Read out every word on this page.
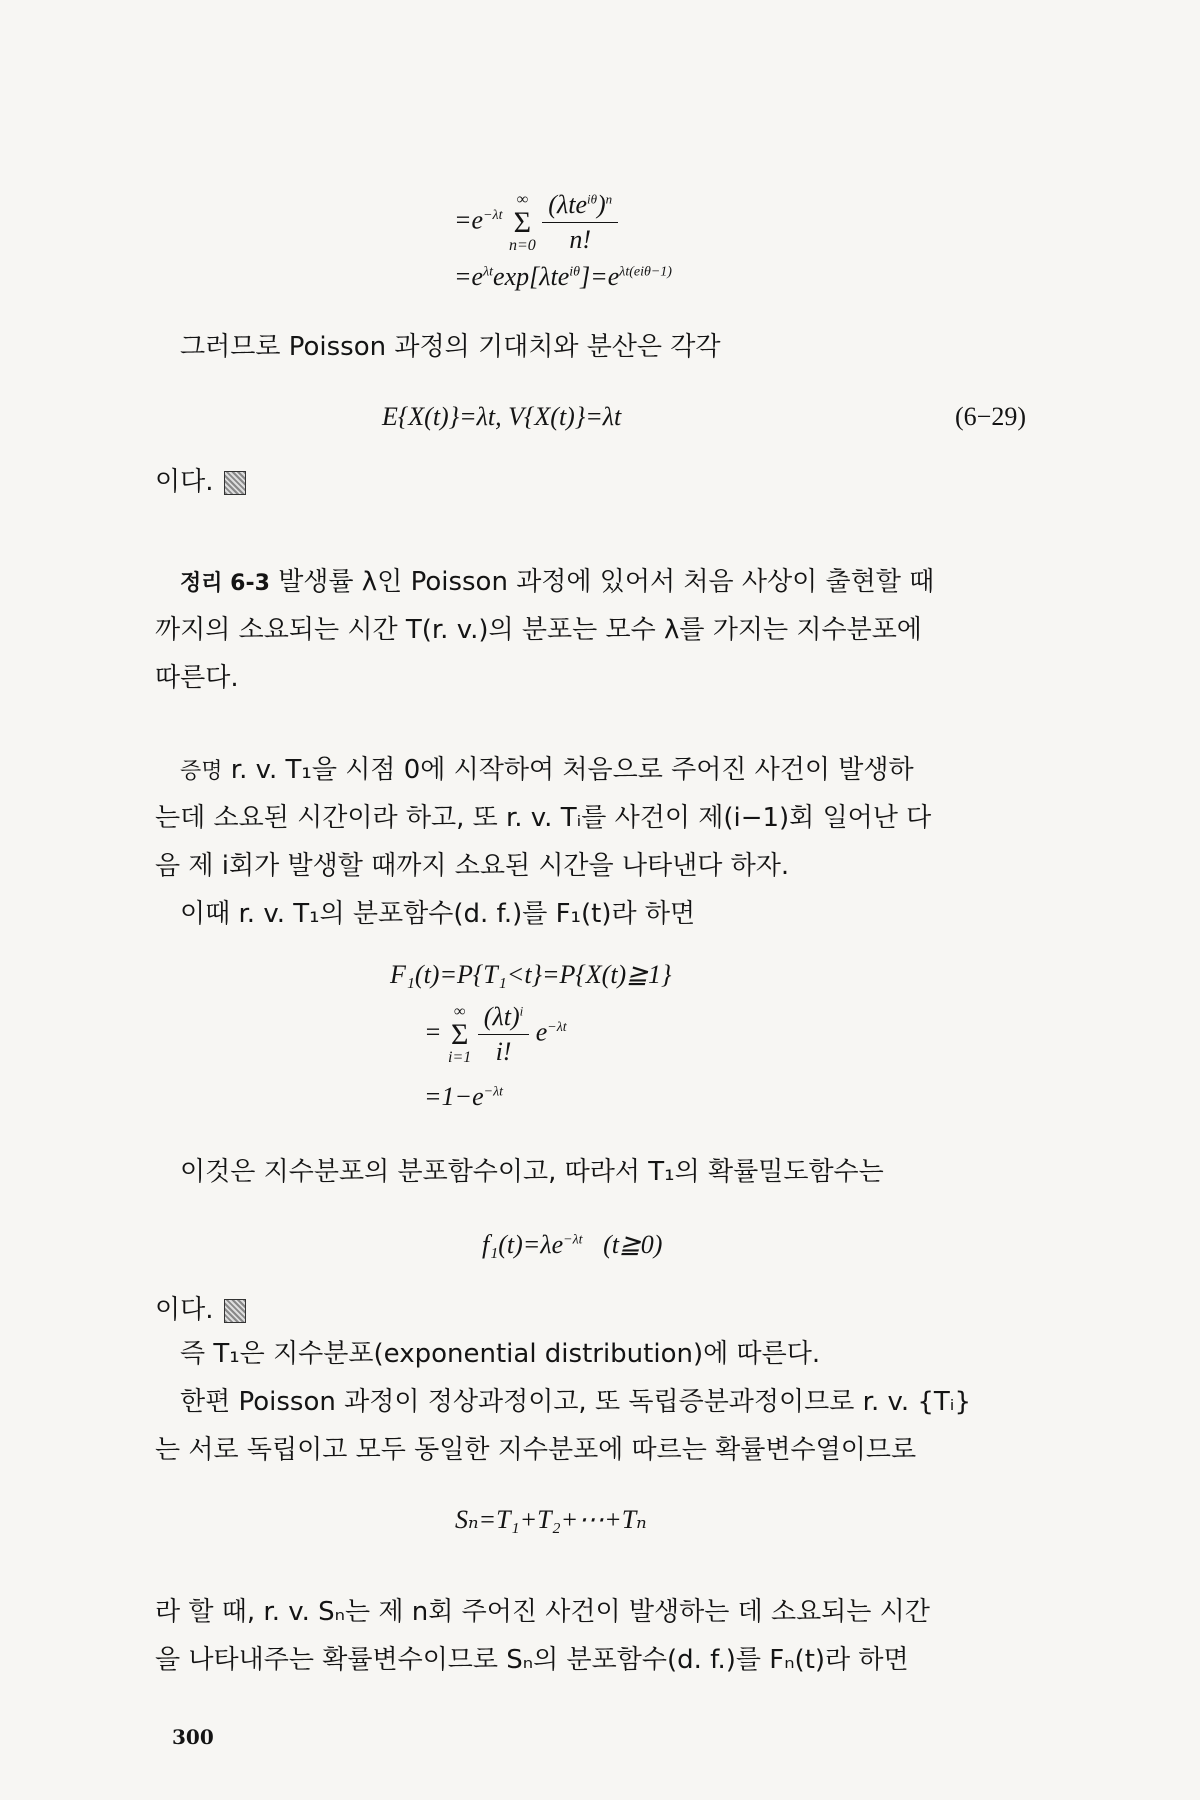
$=e^{-\lambda t}$ ∞
Σ
$n=0 \frac{(\lambda te^{i\theta})^n}{n!}$
$=e^{\lambda t}\exp[\lambda te^{i\theta}]=e^{\lambda t(ei\theta-1)}$
그러므로 Poisson 과정의 기대치와 분산은 각각
E{X(t)}=λt, V{X(t)}=λt	(6−29)
이다.
정리 6-3 발생률 λ인 Poisson 과정에 있어서 처음 사상이 출현할 때
까지의 소요되는 시간 T(r. v.)의 분포는 모수 λ를 가지는 지수분포에
따른다.
증명 r. v. T₁을 시점 0에 시작하여 처음으로 주어진 사건이 발생하
는데 소요된 시간이라 하고, 또 r. v. Tᵢ를 사건이 제(i−1)회 일어난 다
음 제 i회가 발생할 때까지 소요된 시간을 나타낸다 하자.
이때 r. v. T₁의 분포함수(d. f.)를 F₁(t)라 하면
F₁(t)=P{T₁<t}=P{X(t)≧1}
= ∞
Σ
$i=1 \frac{(\lambda t)^i}{i!} e^{-\lambda t}$
$=1-e^{-\lambda t}$
이것은 지수분포의 분포함수이고, 따라서 T₁의 확률밀도함수는
$f_1(t)=\lambda e^{-\lambda t}$ (t≧0)
이다.
즉 T₁은 지수분포(exponential distribution)에 따른다.
한편 Poisson 과정이 정상과정이고, 또 독립증분과정이므로 r. v. {Tᵢ}
는 서로 독립이고 모두 동일한 지수분포에 따르는 확률변수열이므로
Sₙ=T₁+T₂+⋯+Tₙ
라 할 때, r. v. Sₙ는 제 n회 주어진 사건이 발생하는 데 소요되는 시간
을 나타내주는 확률변수이므로 Sₙ의 분포함수(d. f.)를 Fₙ(t)라 하면
300
